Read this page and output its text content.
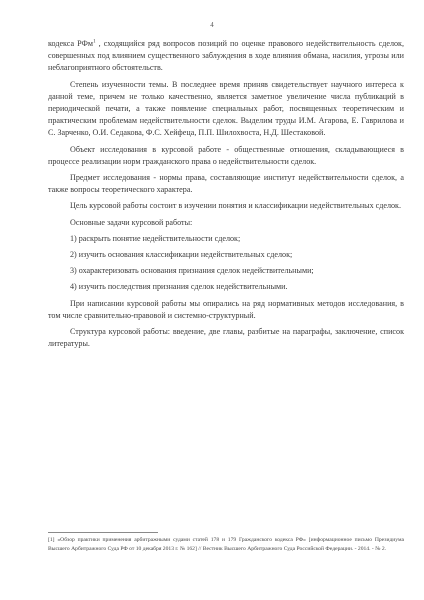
4

кодекса РФм$^1$ , сходящийся ряд вопросов позиций по оценке правового недействительность сделок, совершенных под влиянием существенного заблуждения в ходе влияния обмана, насилия, угрозы или неблагоприятного обстоятельств.

Степень изученности темы. В последнее время приняв свидетельствует научного интереса к данной теме, причем не только качественно, является заметное увеличение числа публикаций в периодической печати, а также появление специальных работ, посвященных теоретическим и практическим проблемам недействительности сделок. Выделим труды И.М. Агарова, Е. Гаврилова и С. Зарченко, О.И. Седакова, Ф.С. Хейфеца, П.П. Шилохвоста, Н.Д. Шестаковой.

Объект исследования в курсовой работе - общественные отношения, складывающиеся в процессе реализации норм гражданского права о недействительности сделок.

Предмет исследования - нормы права, составляющие институт недействительности сделок, а также вопросы теоретического характера.

Цель курсовой работы состоит в изучении понятия и классификации недействительных сделок.

Основные задачи курсовой работы:

1) раскрыть понятие недействительности сделок;

2) изучить основания классификации недействительных сделок;

3) охарактеризовать основания признания сделок недействительными;

4) изучить последствия признания сделок недействительными.

При написании курсовой работы мы опирались на ряд нормативных методов исследования, в том числе сравнительно-правовой и системно-структурный.

Структура курсовой работы: введение, две главы, разбитые на параграфы, заключение, список литературы.

[1] «Обзор практики применения арбитражными судами статей 178 и 179 Гражданского кодекса РФ» [информационное письмо Президиума Высшего Арбитражного Суда РФ от 10 декабря 2013 г. № 162] // Вестник Высшего Арбитражного Суда Российской Федерации. - 2014. - № 2.
